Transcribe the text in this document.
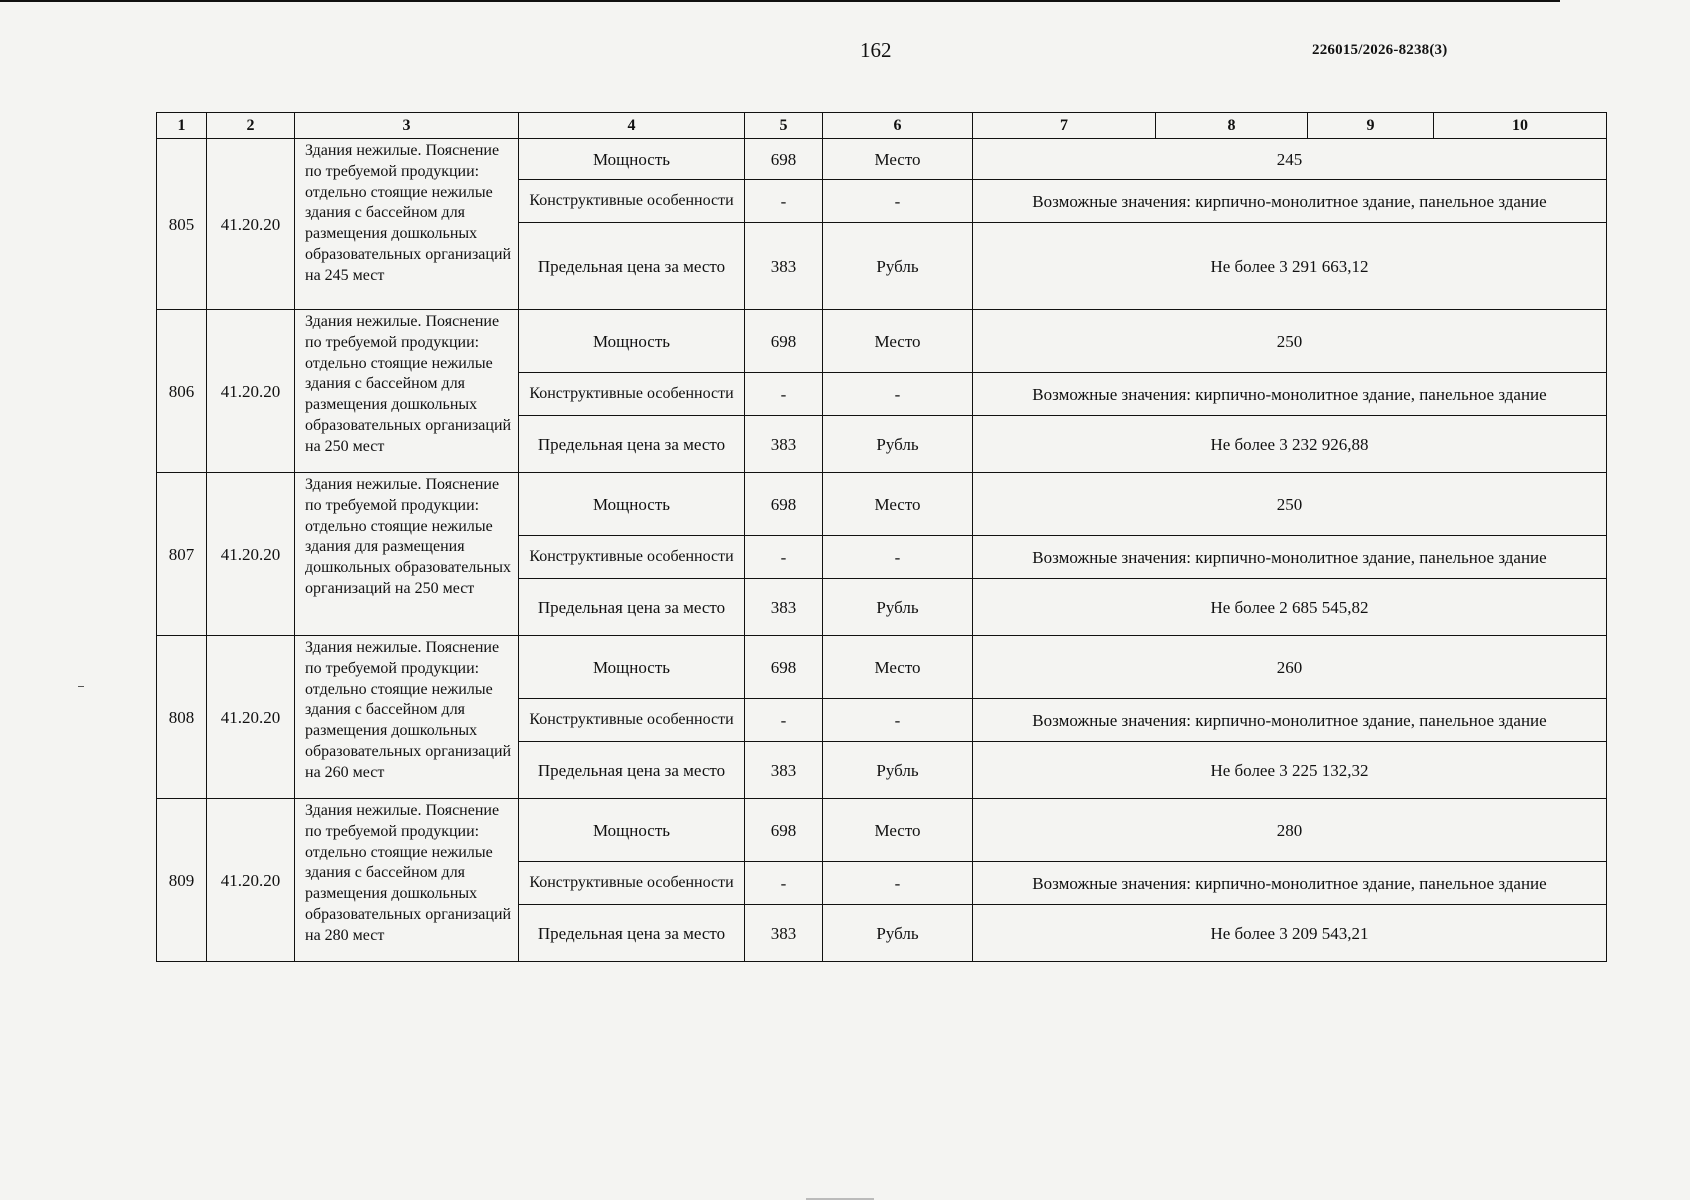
162	226015/2026-8238(3)
1	2	3	4	5	6	7	8	9	10
805	41.20.20	Здания нежилые. Пояснение по требуемой продукции: отдельно стоящие нежилые здания с бассейном для размещения дошкольных образовательных организаций на 245 мест	Мощность	698	Место	245			
			Конструктивные особенности	-	-	Возможные значения: кирпично-монолитное здание, панельное здание			
			Предельная цена за место	383	Рубль	Не более 3 291 663,12			
806	41.20.20	Здания нежилые. Пояснение по требуемой продукции: отдельно стоящие нежилые здания с бассейном для размещения дошкольных образовательных организаций на 250 мест	Мощность	698	Место	250			
			Конструктивные особенности	-	-	Возможные значения: кирпично-монолитное здание, панельное здание			
			Предельная цена за место	383	Рубль	Не более 3 232 926,88			
807	41.20.20	Здания нежилые. Пояснение по требуемой продукции: отдельно стоящие нежилые здания для размещения дошкольных образовательных организаций на 250 мест	Мощность	698	Место	250			
			Конструктивные особенности	-	-	Возможные значения: кирпично-монолитное здание, панельное здание			
			Предельная цена за место	383	Рубль	Не более 2 685 545,82			
808	41.20.20	Здания нежилые. Пояснение по требуемой продукции: отдельно стоящие нежилые здания с бассейном для размещения дошкольных образовательных организаций на 260 мест	Мощность	698	Место	260			
			Конструктивные особенности	-	-	Возможные значения: кирпично-монолитное здание, панельное здание			
			Предельная цена за место	383	Рубль	Не более 3 225 132,32			
809	41.20.20	Здания нежилые. Пояснение по требуемой продукции: отдельно стоящие нежилые здания с бассейном для размещения дошкольных образовательных организаций на 280 мест	Мощность	698	Место	280			
			Конструктивные особенности	-	-	Возможные значения: кирпично-монолитное здание, панельное здание			
			Предельная цена за место	383	Рубль	Не более 3 209 543,21			
